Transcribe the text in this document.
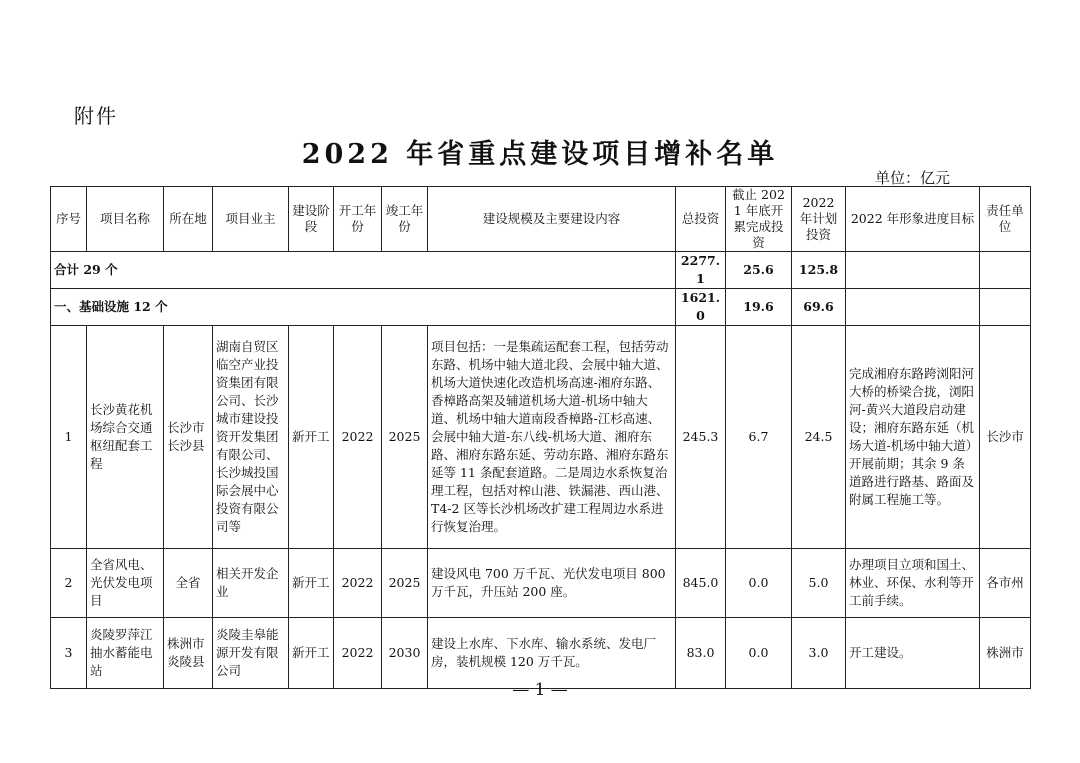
附件
2022 年省重点建设项目增补名单
单位：亿元
序号	项目名称	所在地	项目业主	建设阶段	开工年份	竣工年份	建设规模及主要建设内容	总投资	截止 2021 年底开累完成投资	2022 年计划投资	2022 年形象进度目标	责任单位
合计 29 个								2277.1	25.6	125.8		
一、基础设施 12 个								1621.0	19.6	69.6		
1	长沙黄花机场综合交通枢纽配套工程	长沙市长沙县	湖南自贸区临空产业投资集团有限公司、长沙城市建设投资开发集团有限公司、长沙城投国际会展中心投资有限公司等	新开工	2022	2025	项目包括：一是集疏运配套工程，包括劳动东路、机场中轴大道北段、会展中轴大道、机场大道快速化改造机场高速-湘府东路、香樟路高架及辅道机场大道-机场中轴大道、机场中轴大道南段香樟路-江杉高速、会展中轴大道-东八线-机场大道、湘府东路、湘府东路东延、劳动东路、湘府东路东延等 11 条配套道路。二是周边水系恢复治理工程，包括对榨山港、铁漏港、西山港、T4-2 区等长沙机场改扩建工程周边水系进行恢复治理。	245.3	6.7	24.5	完成湘府东路跨浏阳河大桥的桥梁合拢，浏阳河-黄兴大道段启动建设；湘府东路东延（机场大道-机场中轴大道）开展前期；其余 9 条道路进行路基、路面及附属工程施工等。	长沙市
2	全省风电、光伏发电项目	全省	相关开发企业	新开工	2022	2025	建设风电 700 万千瓦、光伏发电项目 800 万千瓦，升压站 200 座。	845.0	0.0	5.0	办理项目立项和国土、林业、环保、水利等开工前手续。	各市州
3	炎陵罗萍江抽水蓄能电站	株洲市炎陵县	炎陵圭皋能源开发有限公司	新开工	2022	2030	建设上水库、下水库、输水系统、发电厂房，装机规模 120 万千瓦。	83.0	0.0	3.0	开工建设。	株洲市
— 1 —
